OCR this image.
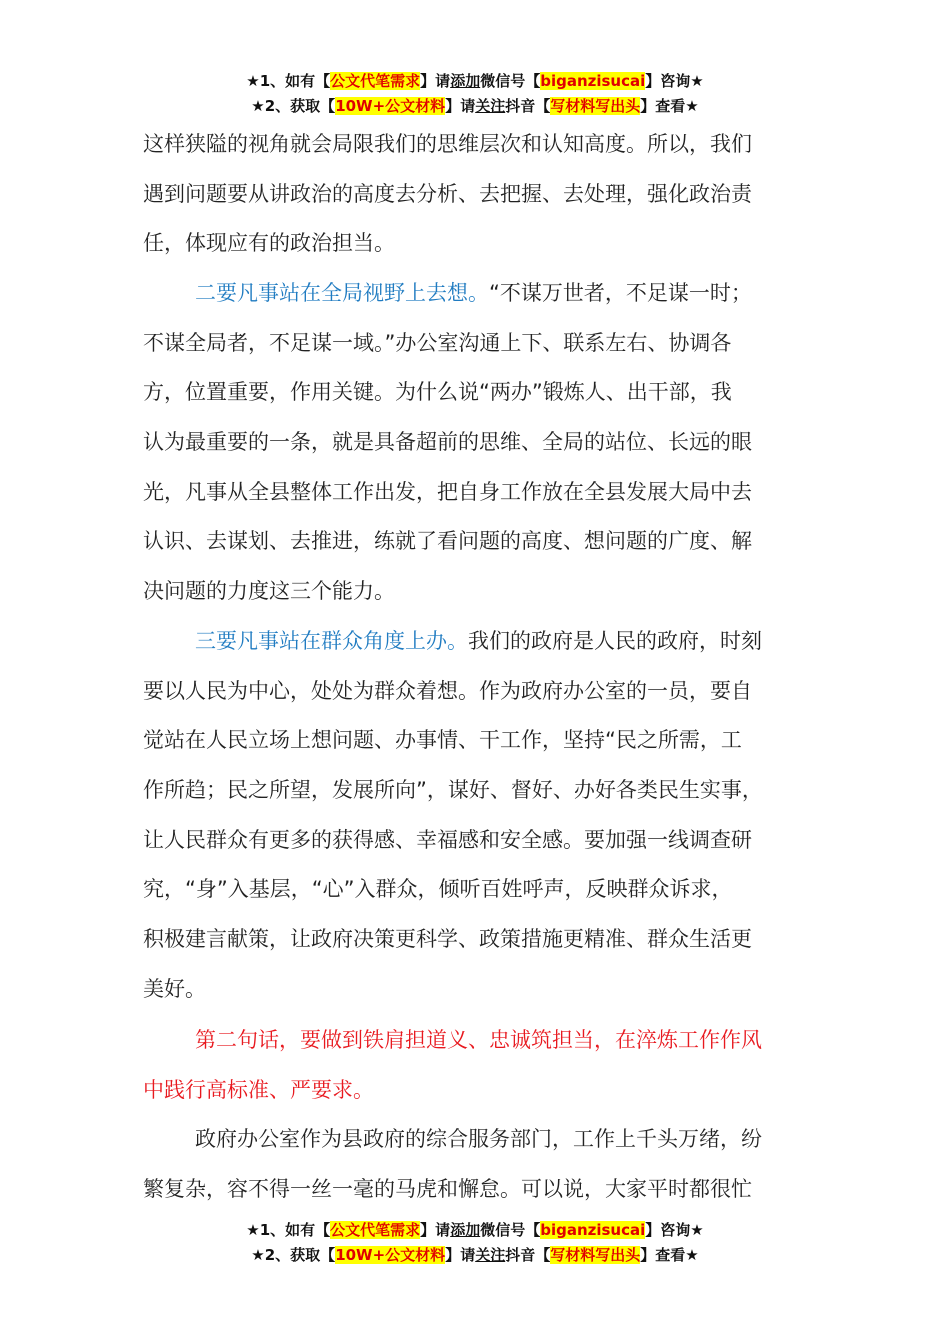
★1、如有【公文代笔需求】请添加微信号【biganzisucai】咨询★
★2、获取【10W+公文材料】请关注抖音【写材料写出头】查看★
这样狭隘的视角就会局限我们的思维层次和认知高度。所以，我们
遇到问题要从讲政治的高度去分析、去把握、去处理，强化政治责
任，体现应有的政治担当。
二要凡事站在全局视野上去想。“不谋万世者，不足谋一时；
不谋全局者，不足谋一域。”办公室沟通上下、联系左右、协调各
方，位置重要，作用关键。为什么说“两办”锻炼人、出干部，我
认为最重要的一条，就是具备超前的思维、全局的站位、长远的眼
光，凡事从全县整体工作出发，把自身工作放在全县发展大局中去
认识、去谋划、去推进，练就了看问题的高度、想问题的广度、解
决问题的力度这三个能力。
三要凡事站在群众角度上办。我们的政府是人民的政府，时刻
要以人民为中心，处处为群众着想。作为政府办公室的一员，要自
觉站在人民立场上想问题、办事情、干工作，坚持“民之所需，工
作所趋；民之所望，发展所向”，谋好、督好、办好各类民生实事，
让人民群众有更多的获得感、幸福感和安全感。要加强一线调查研
究，“身”入基层，“心”入群众，倾听百姓呼声，反映群众诉求，
积极建言献策，让政府决策更科学、政策措施更精准、群众生活更
美好。
第二句话，要做到铁肩担道义、忠诚筑担当，在淬炼工作作风
中践行高标准、严要求。
政府办公室作为县政府的综合服务部门，工作上千头万绪，纷
繁复杂，容不得一丝一毫的马虎和懈怠。可以说，大家平时都很忙
★1、如有【公文代笔需求】请添加微信号【biganzisucai】咨询★
★2、获取【10W+公文材料】请关注抖音【写材料写出头】查看★
